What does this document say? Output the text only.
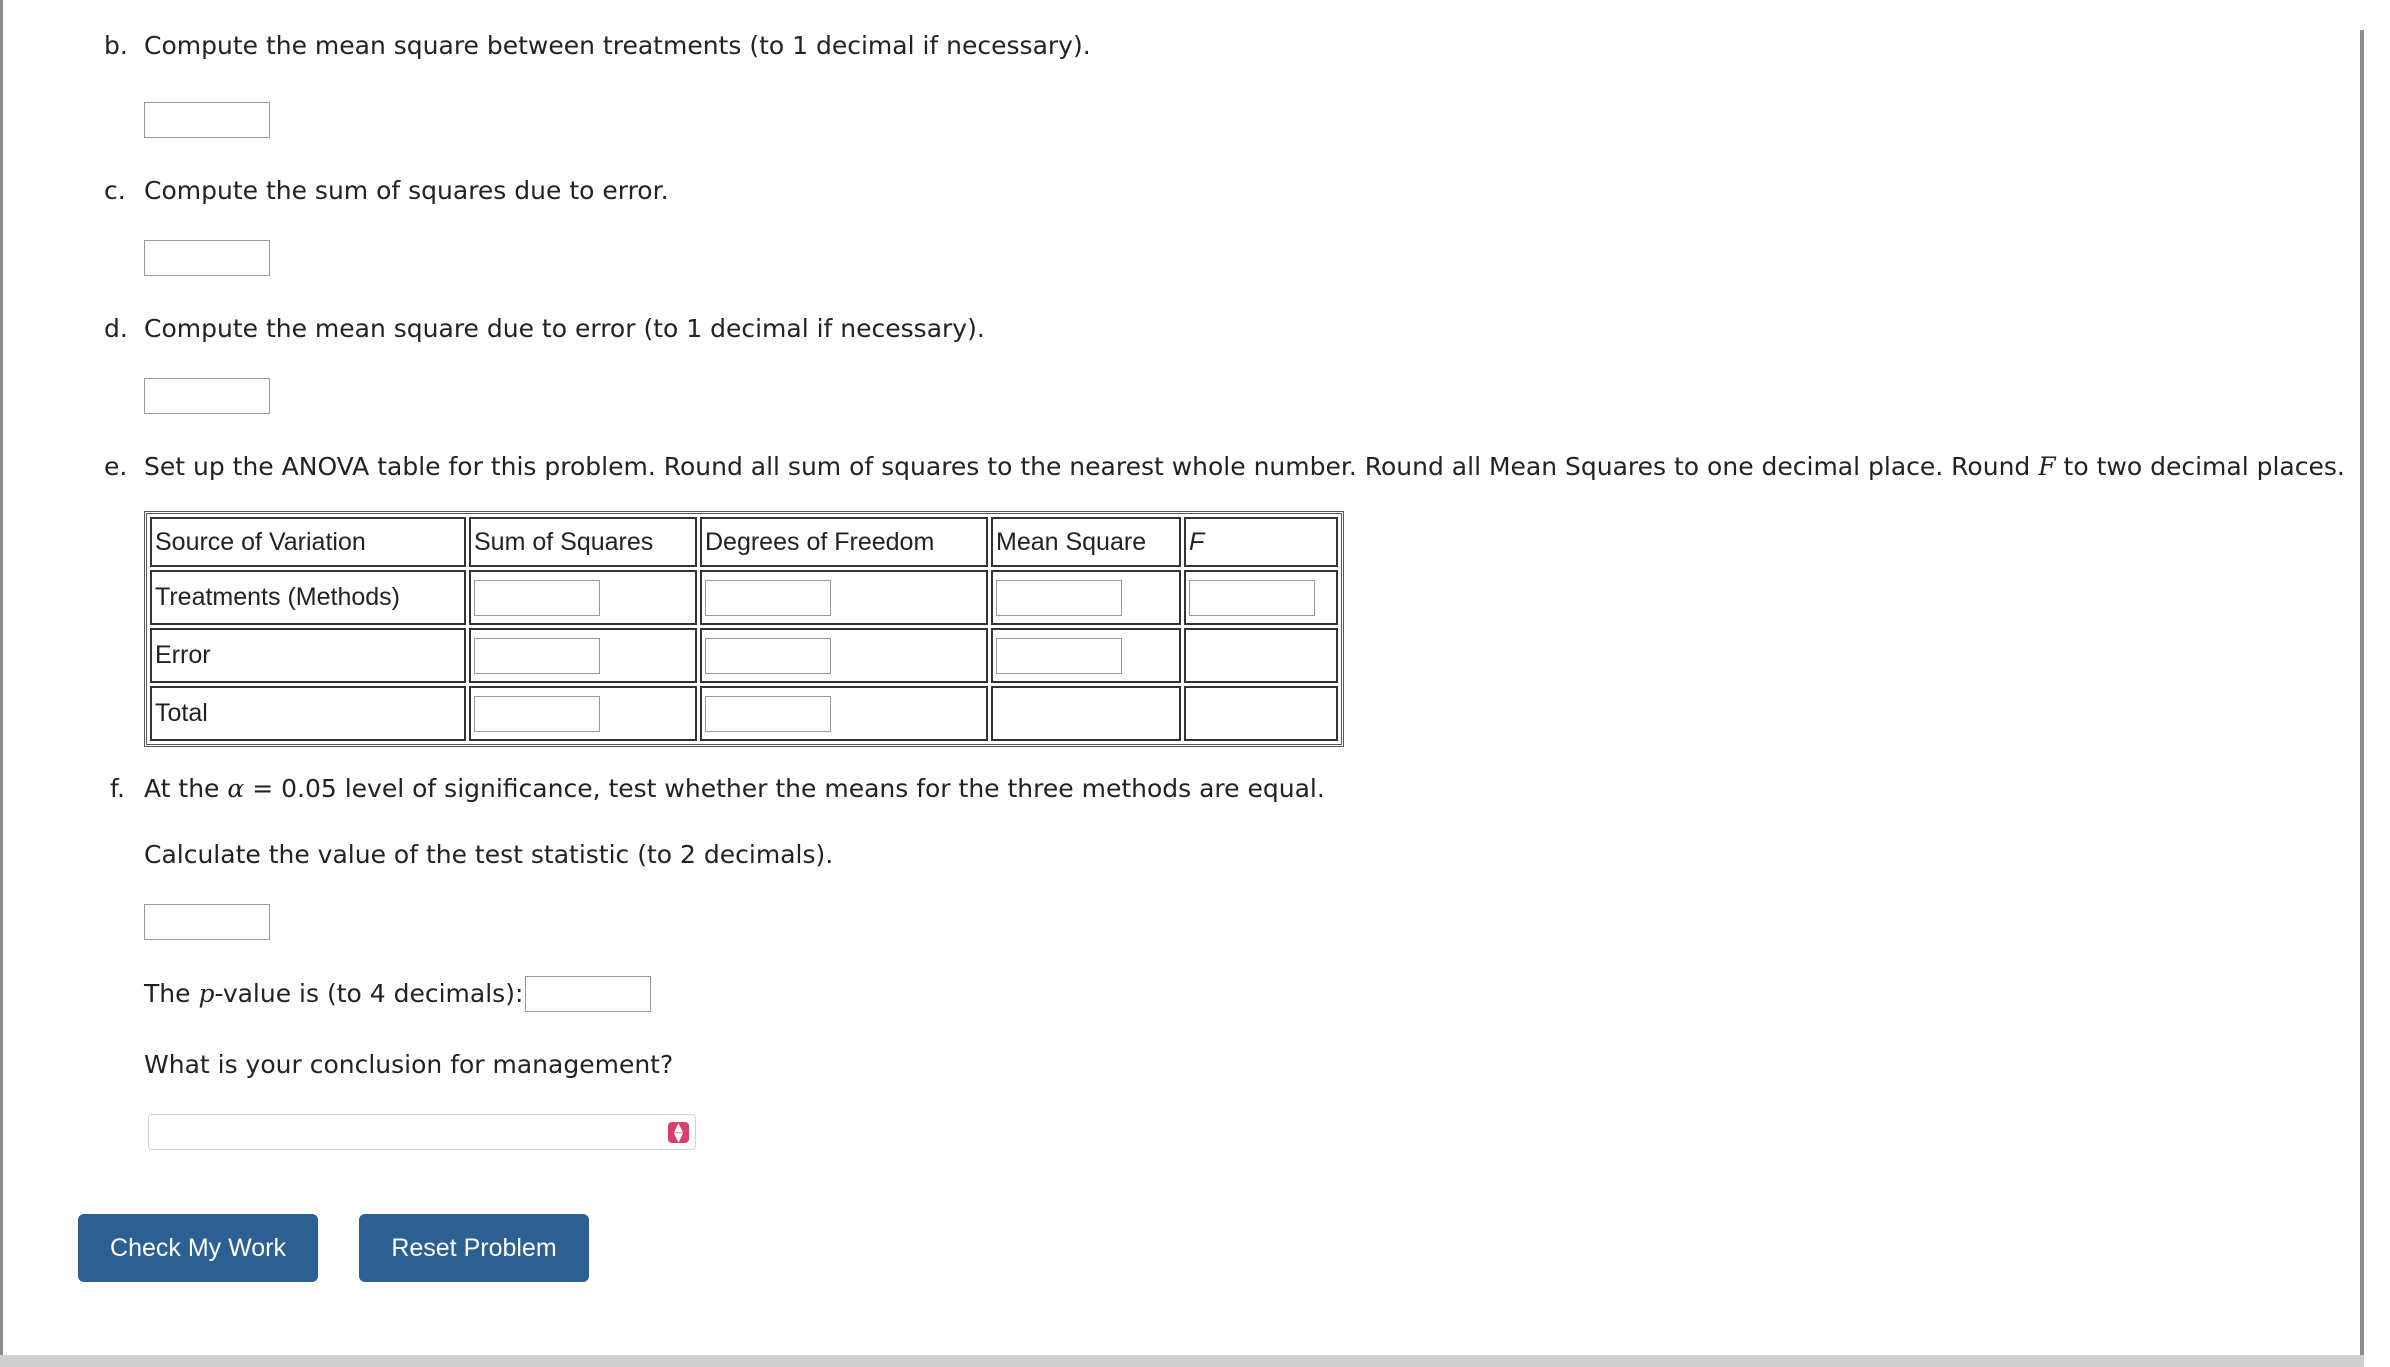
b. Compute the mean square between treatments (to 1 decimal if necessary).
c. Compute the sum of squares due to error.
d. Compute the mean square due to error (to 1 decimal if necessary).
e. Set up the ANOVA table for this problem. Round all sum of squares to the nearest whole number. Round all Mean Squares to one decimal place. Round F to two decimal places.
Source of Variation	Sum of Squares	Degrees of Freedom	Mean Square	F
Treatments (Methods)				
Error				
Total				
f. At the α = 0.05 level of significance, test whether the means for the three methods are equal.
Calculate the value of the test statistic (to 2 decimals).
The p-value is (to 4 decimals):
What is your conclusion for management?
▲
▼
Check My Work	Reset Problem
